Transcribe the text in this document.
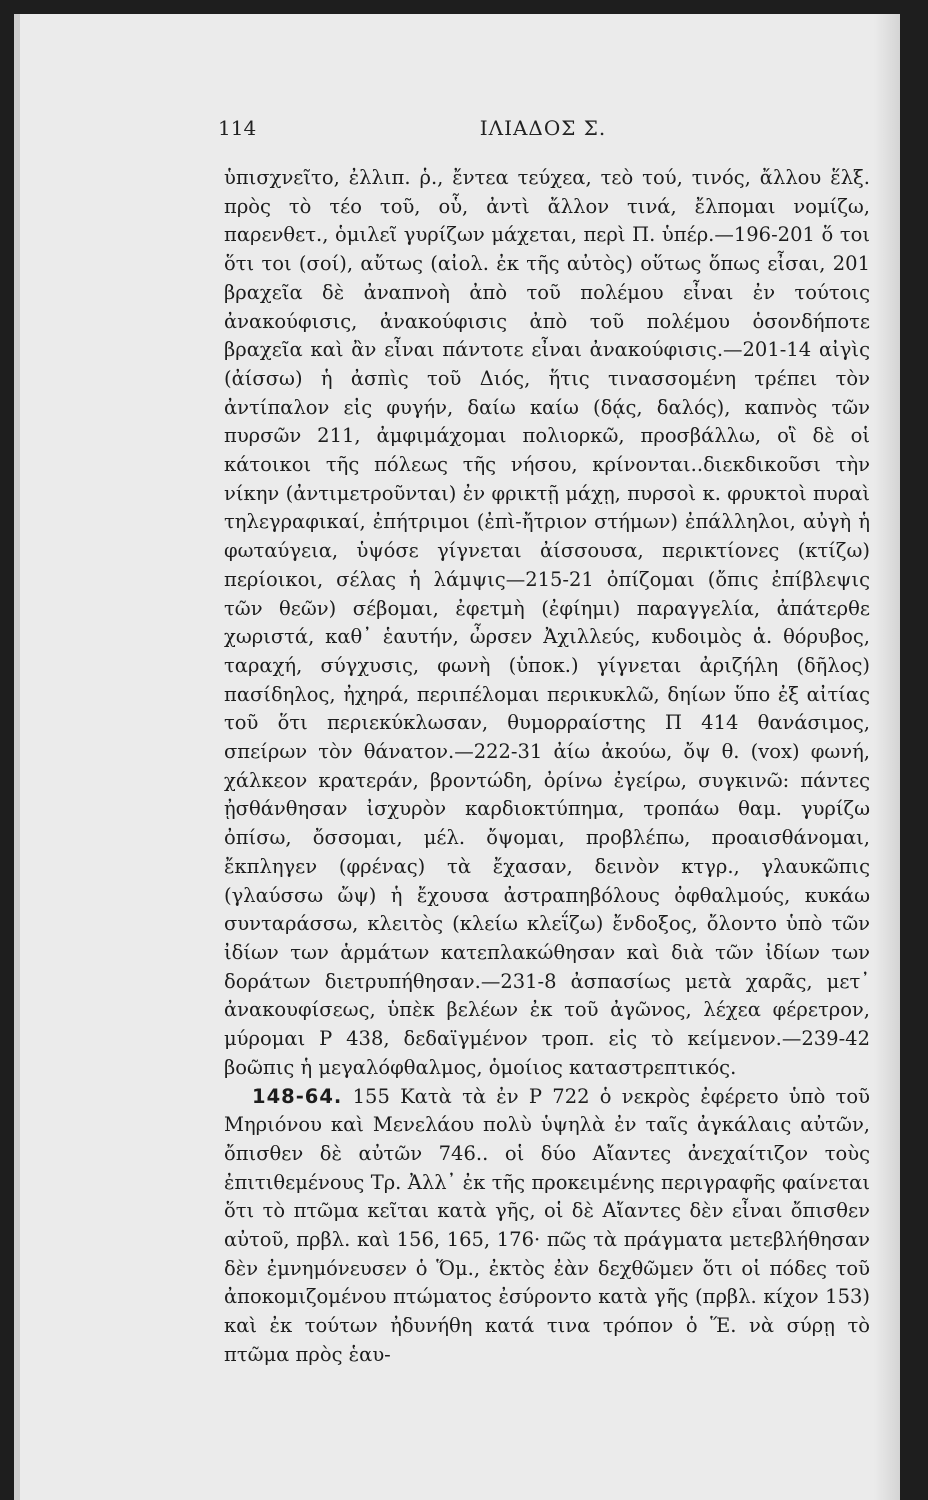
114	ΙΛΙΑΔΟΣ Σ.

ὑπισχνεῖτο, ἐλλιπ. ῥ., ἔντεα τεύχεα, τεὸ τού, τινός, ἄλλου ἕλξ. πρὸς τὸ τέο τοῦ, οὗ, ἀντὶ ἄλλον τινά, ἔλπομαι νομίζω, παρενθετ., ὁμιλεῖ γυρίζων μάχεται, περὶ Π. ὑπέρ.—196-201 ὅ τοι ὅτι τοι (σοί), αὔτως (αἰολ. ἐκ τῆς αὐτὸς) οὕτως ὅπως εἶσαι, 201 βραχεῖα δὲ ἀναπνοὴ ἀπὸ τοῦ πολέμου εἶναι ἐν τούτοις ἀνακούφισις, ἀνακούφισις ἀπὸ τοῦ πολέμου ὁσονδήποτε βραχεῖα καὶ ἂν εἶναι πάντοτε εἶναι ἀνακούφισις.—201-14 αἰγὶς (ἀίσσω) ἡ ἀσπὶς τοῦ Διός, ἥτις τινασσομένη τρέπει τὸν ἀντίπαλον εἰς φυγήν, δαίω καίω (δᾴς, δαλός), καπνὸς τῶν πυρσῶν 211, ἀμφιμάχομαι πολιορκῶ, προσβάλλω, οἳ δὲ οἱ κάτοικοι τῆς πόλεως τῆς νήσου, κρίνονται..διεκδικοῦσι τὴν νίκην (ἀντιμετροῦνται) ἐν φρικτῇ μάχῃ, πυρσοὶ κ. φρυκτοὶ πυραὶ τηλεγραφικαί, ἐπήτριμοι (ἐπὶ-ἤτριον στήμων) ἐπάλληλοι, αὐγὴ ἡ φωταύγεια, ὑψόσε γίγνεται ἀίσσουσα, περικτίονες (κτίζω) περίοικοι, σέλας ἡ λάμψις—215-21 ὀπίζομαι (ὄπις ἐπίβλεψις τῶν θεῶν) σέβομαι, ἐφετμὴ (ἐφίημι) παραγγελία, ἀπάτερθε χωριστά, καθ᾽ ἑαυτήν, ὦρσεν Ἀχιλλεύς, κυδοιμὸς ἁ. θόρυβος, ταραχή, σύγχυσις, φωνὴ (ὑποκ.) γίγνεται ἀριζήλη (δῆλος) πασίδηλος, ἠχηρά, περιπέλομαι περικυκλῶ, δηίων ὕπο ἐξ αἰτίας τοῦ ὅτι περιεκύκλωσαν, θυμορραίστης Π 414 θανάσιμος, σπείρων τὸν θάνατον.—222-31 ἀίω ἀκούω, ὄψ θ. (vox) φωνή, χάλκεον κρατεράν, βροντώδη, ὀρίνω ἐγείρω, συγκινῶ: πάντες ᾐσθάνθησαν ἰσχυρὸν καρδιοκτύπημα, τροπάω θαμ. γυρίζω ὀπίσω, ὄσσομαι, μέλ. ὄψομαι, προβλέπω, προαισθάνομαι, ἔκπληγεν (φρένας) τὰ ἔχασαν, δεινὸν κτγρ., γλαυκῶπις (γλαύσσω ὤψ) ἡ ἔχουσα ἀστραπηβόλους ὀφθαλμούς, κυκάω συνταράσσω, κλειτὸς (κλείω κλεΐζω) ἔνδοξος, ὄλοντο ὑπὸ τῶν ἰδίων των ἁρμάτων κατεπλακώθησαν καὶ διὰ τῶν ἰδίων των δοράτων διετρυπήθησαν.—231-8 ἀσπασίως μετὰ χαρᾶς, μετ᾽ ἀνακουφίσεως, ὑπὲκ βελέων ἐκ τοῦ ἀγῶνος, λέχεα φέρετρον, μύρομαι Ρ 438, δεδαϊγμένον τροπ. εἰς τὸ κείμενον.—239-42 βοῶπις ἡ μεγαλόφθαλμος, ὁμοίιος καταστρεπτικός.

148-64. 155 Κατὰ τὰ ἐν Ρ 722 ὁ νεκρὸς ἐφέρετο ὑπὸ τοῦ Μηριόνου καὶ Μενελάου πολὺ ὑψηλὰ ἐν ταῖς ἀγκάλαις αὐτῶν, ὄπισθεν δὲ αὐτῶν 746.. οἱ δύο Αἴαντες ἀνεχαίτιζον τοὺς ἐπιτιθεμένους Τρ. Ἀλλ᾽ ἐκ τῆς προκειμένης περιγραφῆς φαίνεται ὅτι τὸ πτῶμα κεῖται κατὰ γῆς, οἱ δὲ Αἴαντες δὲν εἶναι ὄπισθεν αὐτοῦ, πρβλ. καὶ 156, 165, 176· πῶς τὰ πράγματα μετεβλήθησαν δὲν ἐμνημόνευσεν ὁ Ὅμ., ἐκτὸς ἐὰν δεχθῶμεν ὅτι οἱ πόδες τοῦ ἀποκομιζομένου πτώματος ἐσύροντο κατὰ γῆς (πρβλ. κίχον 153) καὶ ἐκ τούτων ἠδυνήθη κατά τινα τρόπον ὁ Ἕ. νὰ σύρῃ τὸ πτῶμα πρὸς ἑαυ-
